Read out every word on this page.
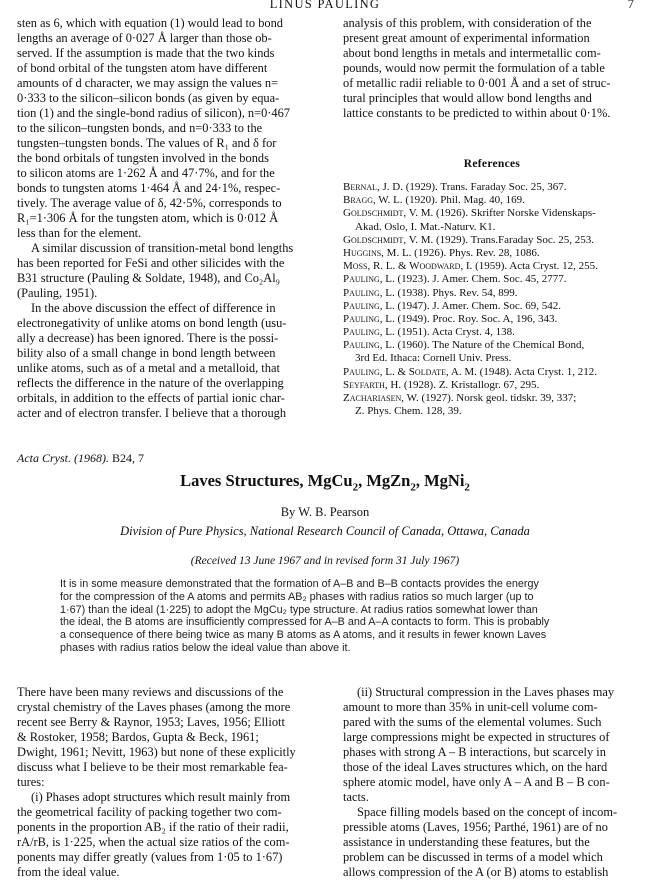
LINUS PAULING	7
sten as 6, which with equation (1) would lead to bond
lengths an average of 0·027 Å larger than those ob-
served. If the assumption is made that the two kinds
of bond orbital of the tungsten atom have different
amounts of d character, we may assign the values n=
0·333 to the silicon–silicon bonds (as given by equa-
tion (1) and the single-bond radius of silicon), n=0·467
to the silicon–tungsten bonds, and n=0·333 to the
tungsten–tungsten bonds. The values of R₁ and δ for
the bond orbitals of tungsten involved in the bonds
to silicon atoms are 1·262 Å and 47·7%, and for the
bonds to tungsten atoms 1·464 Å and 24·1%, respec-
tively. The average value of δ, 42·5%, corresponds to
R₁=1·306 Å for the tungsten atom, which is 0·012 Å
less than for the element.
A similar discussion of transition-metal bond lengths
has been reported for FeSi and other silicides with the
B31 structure (Pauling & Soldate, 1948), and Co₂Al₉
(Pauling, 1951).
In the above discussion the effect of difference in
electronegativity of unlike atoms on bond length (usu-
ally a decrease) has been ignored. There is the possi-
bility also of a small change in bond length between
unlike atoms, such as of a metal and a metalloid, that
reflects the difference in the nature of the overlapping
orbitals, in addition to the effects of partial ionic char-
acter and of electron transfer. I believe that a thorough
analysis of this problem, with consideration of the
present great amount of experimental information
about bond lengths in metals and intermetallic com-
pounds, would now permit the formulation of a table
of metallic radii reliable to 0·001 Å and a set of struc-
tural principles that would allow bond lengths and
lattice constants to be predicted to within about 0·1%.
References
Bernal, J. D. (1929). Trans. Faraday Soc. 25, 367.
Bragg, W. L. (1920). Phil. Mag. 40, 169.
Goldschmidt, V. M. (1926). Skrifter Norske Videnskaps-
Akad. Oslo, I. Mat.-Naturv. K1.
Goldschmidt, V. M. (1929). Trans.Faraday Soc. 25, 253.
Huggins, M. L. (1926). Phys. Rev. 28, 1086.
Moss, R. L. & Woodward, I. (1959). Acta Cryst. 12, 255.
Pauling, L. (1923). J. Amer. Chem. Soc. 45, 2777.
Pauling, L. (1938). Phys. Rev. 54, 899.
Pauling, L. (1947). J. Amer. Chem. Soc. 69, 542.
Pauling, L. (1949). Proc. Roy. Soc. A, 196, 343.
Pauling, L. (1951). Acta Cryst. 4, 138.
Pauling, L. (1960). The Nature of the Chemical Bond,
3rd Ed. Ithaca: Cornell Univ. Press.
Pauling, L. & Soldate, A. M. (1948). Acta Cryst. 1, 212.
Seyfarth, H. (1928). Z. Kristallogr. 67, 295.
Zachariasen, W. (1927). Norsk geol. tidskr. 39, 337;
Z. Phys. Chem. 128, 39.
Acta Cryst. (1968). B24, 7
Laves Structures, MgCu$_2$, MgZn$_2$, MgNi$_2$
By W. B. Pearson
Division of Pure Physics, National Research Council of Canada, Ottawa, Canada
(Received 13 June 1967 and in revised form 31 July 1967)
It is in some measure demonstrated that the formation of A–B and B–B contacts provides the energy
for the compression of the A atoms and permits AB₂ phases with radius ratios so much larger (up to
1·67) than the ideal (1·225) to adopt the MgCu₂ type structure. At radius ratios somewhat lower than
the ideal, the B atoms are insufficiently compressed for A–B and A–A contacts to form. This is probably
a consequence of there being twice as many B atoms as A atoms, and it results in fewer known Laves
phases with radius ratios below the ideal value than above it.
There have been many reviews and discussions of the
crystal chemistry of the Laves phases (among the more
recent see Berry & Raynor, 1953; Laves, 1956; Elliott
& Rostoker, 1958; Bardos, Gupta & Beck, 1961;
Dwight, 1961; Nevitt, 1963) but none of these explicitly
discuss what I believe to be their most remarkable fea-
tures:
(i) Phases adopt structures which result mainly from
the geometrical facility of packing together two com-
ponents in the proportion AB₂ if the ratio of their radii,
rA/rB, is 1·225, when the actual size ratios of the com-
ponents may differ greatly (values from 1·05 to 1·67)
from the ideal value.
(ii) Structural compression in the Laves phases may
amount to more than 35% in unit-cell volume com-
pared with the sums of the elemental volumes. Such
large compressions might be expected in structures of
phases with strong A – B interactions, but scarcely in
those of the ideal Laves structures which, on the hard
sphere atomic model, have only A – A and B – B con-
tacts.
Space filling models based on the concept of incom-
pressible atoms (Laves, 1956; Parthé, 1961) are of no
assistance in understanding these features, but the
problem can be discussed in terms of a model which
allows compression of the A (or B) atoms to establish
